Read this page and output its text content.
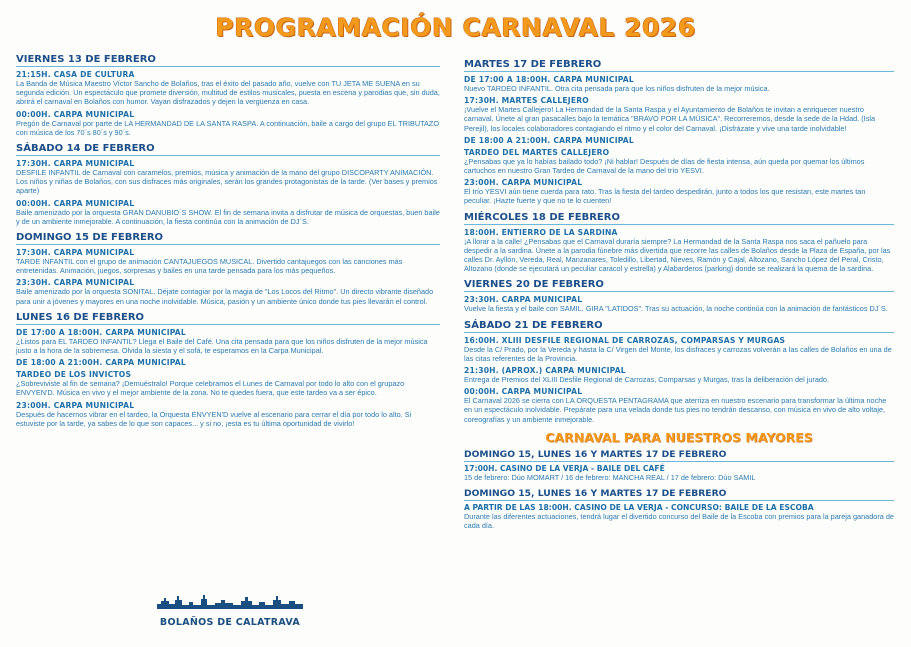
PROGRAMACIÓN CARNAVAL 2026
VIERNES 13 DE FEBRERO
21:15H. CASA DE CULTURA
La Banda de Música Maestro Víctor Sancho de Bolaños, tras el éxito del pasado año, vuelve con TU JETA ME SUENA en su segunda edición. Un espectáculo que promete diversión, multitud de estilos musicales, puesta en escena y parodias que, sin duda, abrirá el carnaval en Bolaños con humor. Vayan disfrazados y dejen la vergüenza en casa.
00:00H. CARPA MUNICIPAL
Pregón de Carnaval por parte de LA HERMANDAD DE LA SANTA RASPA. A continuación, baile a cargo del grupo EL TRIBUTAZO con música de los 70´s 80´s y 90´s.
SÁBADO 14 DE FEBRERO
17:30H. CARPA MUNICIPAL
DESFILE INFANTIL de Carnaval con caramelos, premios, música y animación de la mano del grupo DISCOPARTY ANIMACIÓN. Los niños y niñas de Bolaños, con sus disfraces más originales, serán los grandes protagonistas de la tarde. (Ver bases y premios aparte)
00:00H. CARPA MUNICIPAL
Baile amenizado por la orquesta GRAN DANUBIO´S SHOW. El fin de semana invita a disfrutar de música de orquestas, buen baile y de un ambiente inmejorable. A continuación, la fiesta continúa con la animación de DJ´S.
DOMINGO 15 DE FEBRERO
17:30H. CARPA MUNICIPAL
TARDE INFANTIL con el grupo de animación CANTAJUEGOS MUSICAL. Divertido cantajuegos con las canciones más entretenidas. Animación, juegos, sorpresas y bailes en una tarde pensada para los más pequeños.
23:30H. CARPA MUNICIPAL
Baile amenizado por la orquesta SONITAL. Déjate contagiar por la magia de "Los Locos del Ritmo". Un directo vibrante diseñado para unir a jóvenes y mayores en una noche inolvidable. Música, pasión y un ambiente único donde tus pies llevarán el control.
LUNES 16 DE FEBRERO
DE 17:00 A 18:00H. CARPA MUNICIPAL
¿Listos para EL TARDEO INFANTIL? Llega el Baile del Café. Una cita pensada para que los niños disfruten de la mejor música justo a la hora de la sobremesa. Olvida la siesta y el sofá, te esperamos en la Carpa Municipal.
DE 18:00 A 21:00H. CARPA MUNICIPAL
TARDEO DE LOS INVICTOS
¿Sobreviviste al fin de semana? ¡Demuéstralo! Porque celebramos el Lunes de Carnaval por todo lo alto con el grupazo ENVYEN'D. Música en vivo y el mejor ambiente de la zona. No te quedes fuera, que este tardeo va a ser épico.
23:00H. CARPA MUNICIPAL
Después de hacernos vibrar en el tardeo, la Orquesta ENVYEN'D vuelve al escenario para cerrar el día por todo lo alto. Si estuviste por la tarde, ya sabes de lo que son capaces... y si no, ¡esta es tu última oportunidad de vivirlo!
MARTES 17 DE FEBRERO
DE 17:00 A 18:00H. CARPA MUNICIPAL
Nuevo TARDEO INFANTIL. Otra cita pensada para que los niños disfruten de la mejor música.
17:30H. MARTES CALLEJERO
¡Vuelve el Martes Callejero! La Hermandad de la Santa Raspa y el Ayuntamiento de Bolaños te invitan a enriquecer nuestro carnaval. Únete al gran pasacalles bajo la temática "BRAVO POR LA MÚSICA". Recorreremos, desde la sede de la Hdad. (Isla Perejil), los locales colaboradores contagiando el ritmo y el color del Carnaval. ¡Disfrázate y vive una tarde inolvidable!
DE 18:00 A 21:00H. CARPA MUNICIPAL
TARDEO DEL MARTES CALLEJERO
¿Pensabas que ya lo habías bailado todo? ¡Ni hablar! Después de días de fiesta intensa, aún queda por quemar los últimos cartuchos en nuestro Gran Tardeo de Carnaval de la mano del trío YESVI.
23:00H. CARPA MUNICIPAL
El trío YESVI aún tiene cuerda para rato. Tras la fiesta del tardeo despedirán, junto a todos los que resistan, este martes tan peculiar. ¡Hazte fuerte y que no te lo cuenten!
MIÉRCOLES 18 DE FEBRERO
18:00H. ENTIERRO DE LA SARDINA
¡A llorar a la calle! ¿Pensabas que el Carnaval duraría siempre? La Hermandad de la Santa Raspa nos saca el pañuelo para despedir a la sardina. Únete a la parodia fúnebre más divertida que recorre las calles de Bolaños desde la Plaza de España, por las calles Dr. Ayllón, Vereda, Real, Manzanares, Toledillo, Libertad, Nieves, Ramón y Cajal, Altozano, Sancho López del Peral, Cristo, Altozano (donde se ejecutará un peculiar caracol y estrella) y Alabarderos (parking) donde se realizará la quema de la sardina.
VIERNES 20 DE FEBRERO
23:30H. CARPA MUNICIPAL
Vuelve la fiesta y el baile con SAMIL. GIRA "LATIDOS". Tras su actuación, la noche continúa con la animación de fantásticos DJ´S.
SÁBADO 21 DE FEBRERO
16:00H. XLIII DESFILE REGIONAL DE CARROZAS, COMPARSAS Y MURGAS
Desde la C/ Prado, por la Vereda y hasta la C/ Virgen del Monte, los disfraces y carrozas volverán a las calles de Bolaños en una de las citas referentes de la Provincia.
21:30H. (APROX.) CARPA MUNICIPAL
Entrega de Premios del XLIII Desfile Regional de Carrozas, Comparsas y Murgas, tras la deliberación del jurado.
00:00H. CARPA MUNICIPAL
El Carnaval 2026 se cierra con LA ORQUESTA PENTAGRAMA que aterriza en nuestro escenario para transformar la última noche en un espectáculo inolvidable. Prepárate para una velada donde tus pies no tendrán descanso, con música en vivo de alto voltaje, coreografías y un ambiente inmejorable.
CARNAVAL PARA NUESTROS MAYORES
DOMINGO 15, LUNES 16 Y MARTES 17 DE FEBRERO
17:00H. CASINO DE LA VERJA - BAILE DEL CAFÉ
15 de febrero: Dúo MOMART / 16 de febrero: MANCHA REAL / 17 de febrero: Dúo SAMIL
DOMINGO 15, LUNES 16 Y MARTES 17 DE FEBRERO
A PARTIR DE LAS 18:00H. CASINO DE LA VERJA - CONCURSO: BAILE DE LA ESCOBA
Durante las diferentes actuaciones, tendrá lugar el divertido concurso del Baile de la Escoba con premios para la pareja ganadora de cada día.
BOLAÑOS DE CALATRAVA
